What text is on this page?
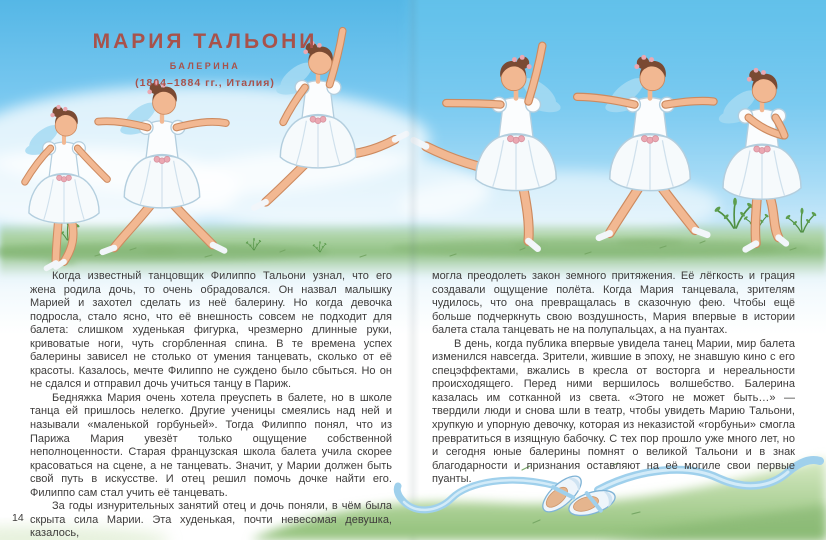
МАРИЯ ТАЛЬОНИ
БАЛЕРИНА
(1804–1884 гг., Италия)

Когда известный танцовщик Филиппо Тальони узнал, что его жена родила дочь, то очень обрадовался. Он назвал малышку Марией и захотел сделать из неё балерину. Но когда девочка подросла, стало ясно, что её внешность совсем не подходит для балета: слишком худенькая фигурка, чрезмерно длинные руки, кривоватые ноги, чуть сгорбленная спина. В те времена успех балерины зависел не столько от умения танцевать, сколько от её красоты. Казалось, мечте Филиппо не суждено было сбыться. Но он не сдался и отправил дочь учиться танцу в Париж.

Бедняжка Мария очень хотела преуспеть в балете, но в школе танца ей пришлось нелегко. Другие ученицы смеялись над ней и называли «маленькой горбуньей». Тогда Филиппо понял, что из Парижа Мария увезёт только ощущение собственной неполноценности. Старая французская школа балета учила скорее красоваться на сцене, а не танцевать. Значит, у Марии должен быть свой путь в искусстве. И отец решил помочь дочке найти его. Филиппо сам стал учить её танцевать.

За годы изнурительных занятий отец и дочь поняли, в чём была скрыта сила Марии. Эта худенькая, почти невесомая девушка, казалось,

могла преодолеть закон земного притяжения. Её лёгкость и грация создавали ощущение полёта. Когда Мария танцевала, зрителям чудилось, что она превращалась в сказочную фею. Чтобы ещё больше подчеркнуть свою воздушность, Мария впервые в истории балета стала танцевать не на полупальцах, а на пуантах.

В день, когда публика впервые увидела танец Марии, мир балета изменился навсегда. Зрители, жившие в эпоху, не знавшую кино с его спецэффектами, вжались в кресла от восторга и нереальности происходящего. Перед ними вершилось волшебство. Балерина казалась им сотканной из света. «Этого не может быть…» — твердили люди и снова шли в театр, чтобы увидеть Марию Тальони, хрупкую и упорную девочку, которая из неказистой «горбуньи» смогла превратиться в изящную бабочку. С тех пор прошло уже много лет, но и сегодня юные балерины помнят о великой Тальони и в знак благодарности и признания оставляют на её могиле свои первые пуанты.

14
